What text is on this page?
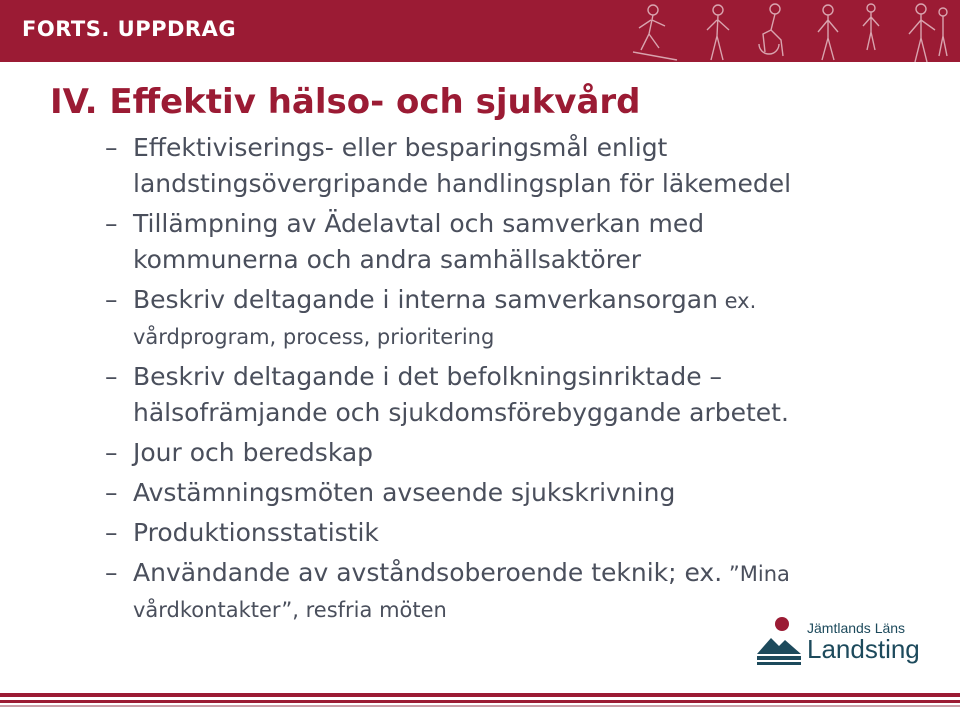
FORTS. UPPDRAG
IV. Effektiv hälso- och sjukvård
– Effektiviserings- eller besparingsmål enligt
landstingsövergripande handlingsplan för läkemedel
– Tillämpning av Ädelavtal och samverkan med
kommunerna och andra samhällsaktörer
– Beskriv deltagande i interna samverkansorgan ex.
vårdprogram, process, prioritering
– Beskriv deltagande i det befolkningsinriktade –
hälsofrämjande och sjukdomsförebyggande arbetet.
– Jour och beredskap
– Avstämningsmöten avseende sjukskrivning
– Produktionsstatistik
– Användande av avståndsoberoende teknik; ex. ”Mina
vårdkontakter”, resfria möten
Jämtlands Läns
Landsting
